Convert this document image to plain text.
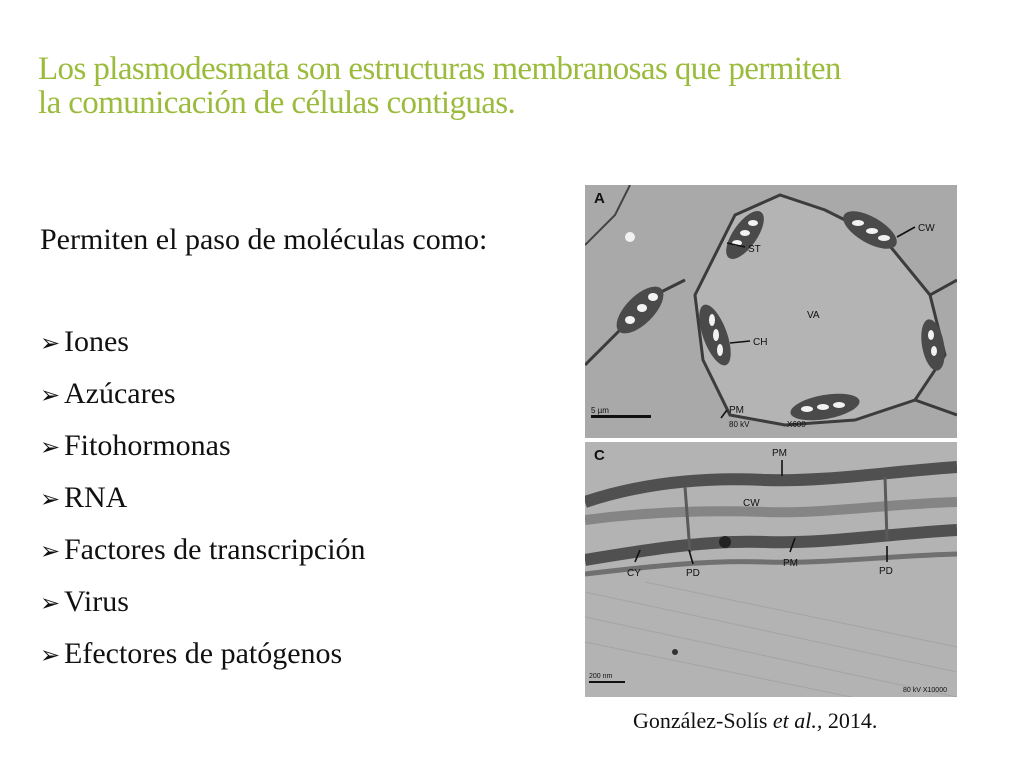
Los plasmodesmata son estructuras membranosas que permiten
la comunicación de células contiguas.
Permiten el paso de moléculas como:
➢ Iones
➢ Azúcares
➢ Fitohormonas
➢ RNA
➢ Factores de transcripción
➢ Virus
➢ Efectores de patógenos
A
CW
ST
CH
VA
PM
5 µm
80 kV	X600
C	PM
CW
CY	PD
PM
PD
200 nm
80 kV X10000
González-Solís et al., 2014.
